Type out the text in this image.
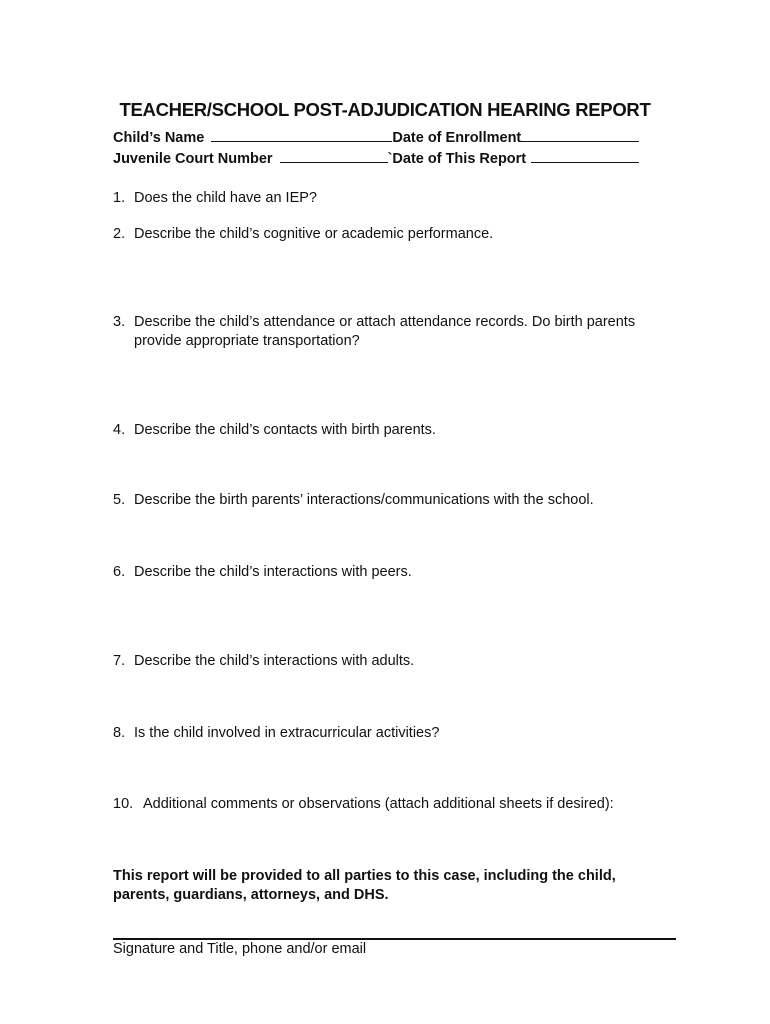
TEACHER/SCHOOL POST-ADJUDICATION HEARING REPORT
Child’s Name	Date of Enrollment
Juvenile Court Number	`Date of This Report
1. Does the child have an IEP?
2. Describe the child’s cognitive or academic performance.
3. Describe the child’s attendance or attach attendance records. Do birth parents
provide appropriate transportation?
4. Describe the child’s contacts with birth parents.
5. Describe the birth parents’ interactions/communications with the school.
6. Describe the child’s interactions with peers.
7. Describe the child’s interactions with adults.
8. Is the child involved in extracurricular activities?
10. Additional comments or observations (attach additional sheets if desired):
This report will be provided to all parties to this case, including the child, parents, guardians, attorneys, and DHS.
Signature and Title, phone and/or email
